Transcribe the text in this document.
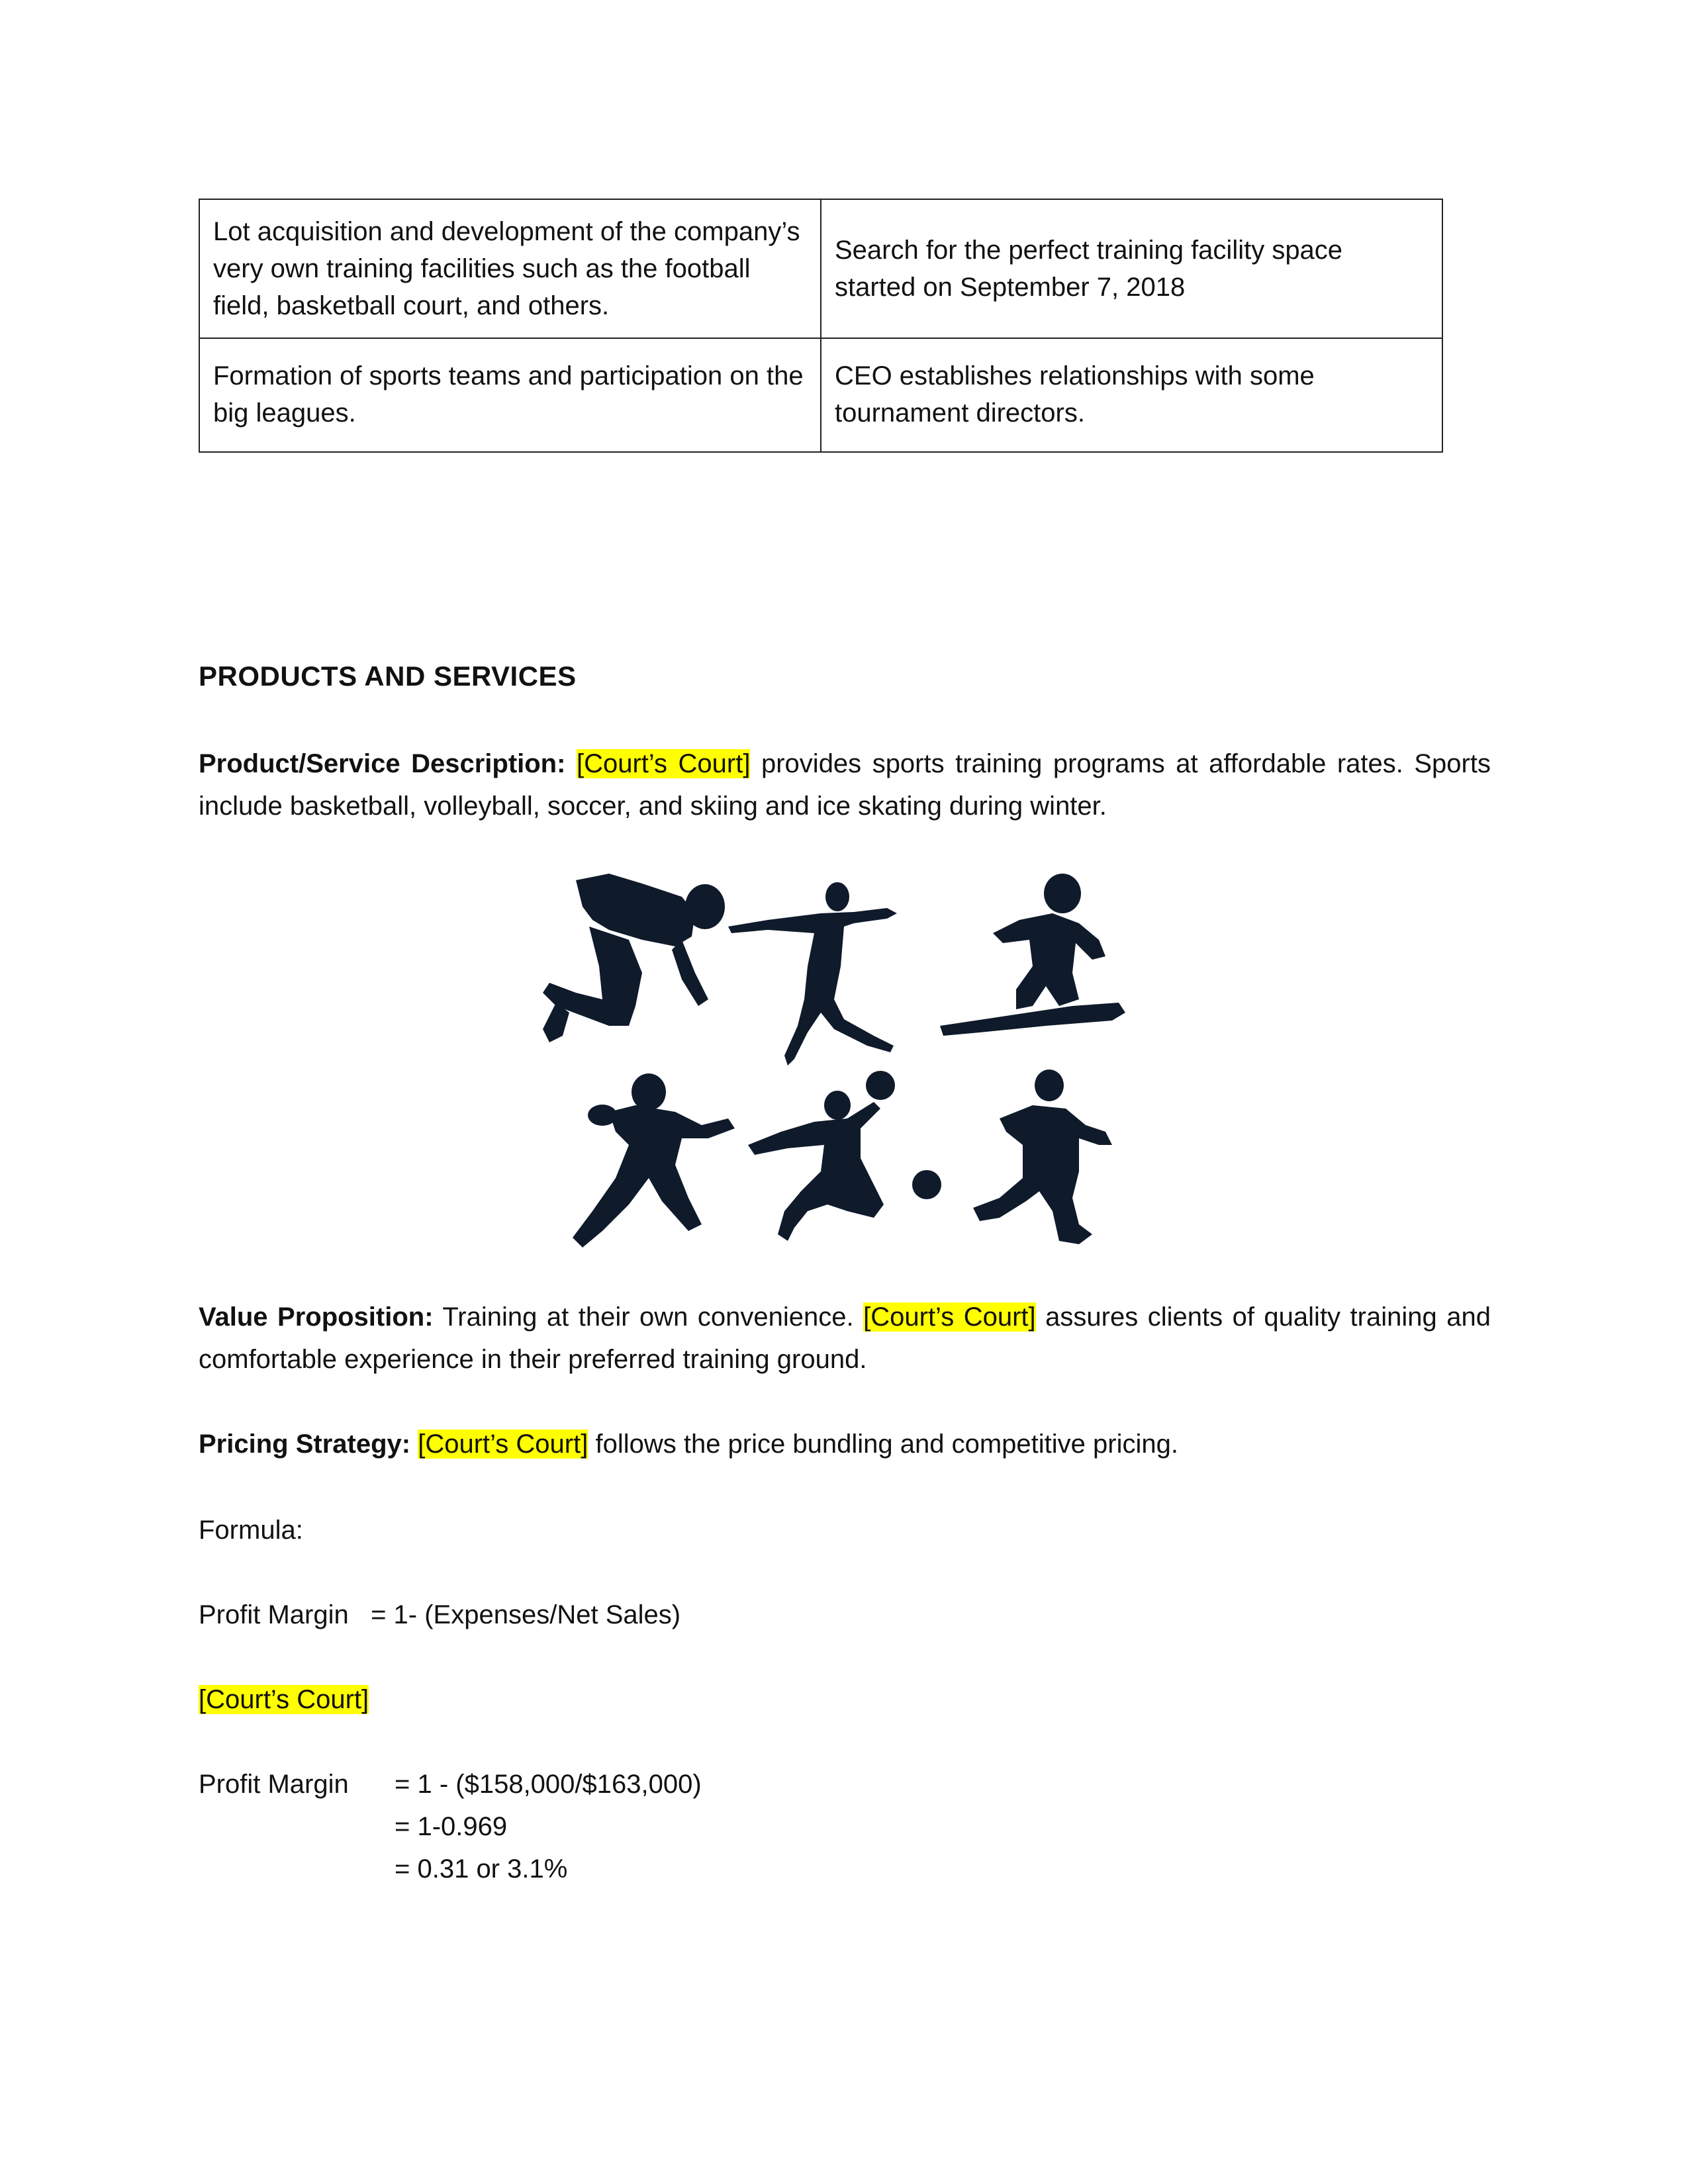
Lot acquisition and development of the company’s very own training facilities such as the football field, basketball court, and others.	Search for the perfect training facility space started on September 7, 2018
Formation of sports teams and participation on the big leagues.	CEO establishes relationships with some tournament directors.
PRODUCTS AND SERVICES

Product/Service Description: [Court’s Court] provides sports training programs at affordable rates. Sports include basketball, volleyball, soccer, and skiing and ice skating during winter.

Value Proposition: Training at their own convenience. [Court’s Court] assures clients of quality training and comfortable experience in their preferred training ground.

Pricing Strategy: [Court’s Court] follows the price bundling and competitive pricing.

Formula:

Profit Margin   = 1- (Expenses/Net Sales)

[Court’s Court]

Profit Margin = 1 - ($158,000/$163,000)
= 1-0.969
= 0.31 or 3.1%
